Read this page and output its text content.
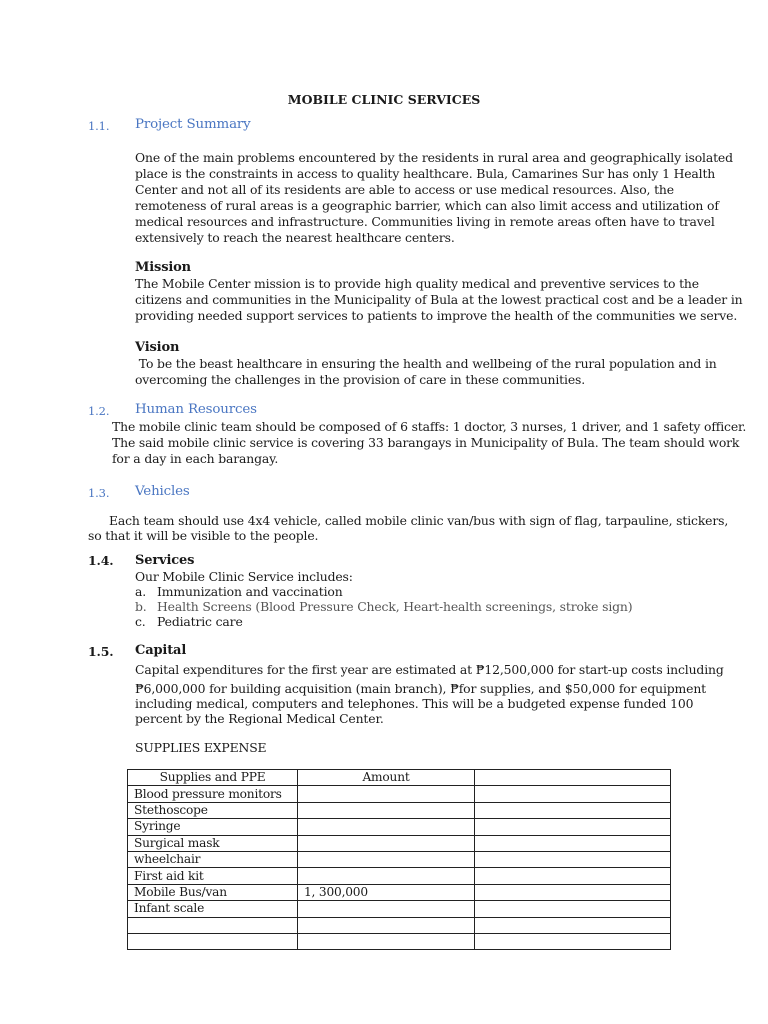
MOBILE CLINIC SERVICES
1.1. Project Summary
One of the main problems encountered by the residents in rural area and geographically isolated
place is the constraints in access to quality healthcare. Bula, Camarines Sur has only 1 Health
Center and not all of its residents are able to access or use medical resources. Also, the
remoteness of rural areas is a geographic barrier, which can also limit access and utilization of
medical resources and infrastructure. Communities living in remote areas often have to travel
extensively to reach the nearest healthcare centers.
Mission
The Mobile Center mission is to provide high quality medical and preventive services to the
citizens and communities in the Municipality of Bula at the lowest practical cost and be a leader in
providing needed support services to patients to improve the health of the communities we serve.
Vision
To be the beast healthcare in ensuring the health and wellbeing of the rural population and in
overcoming the challenges in the provision of care in these communities.
1.2. Human Resources
The mobile clinic team should be composed of 6 staffs: 1 doctor, 3 nurses, 1 driver, and 1 safety officer.
The said mobile clinic service is covering 33 barangays in Municipality of Bula. The team should work
for a day in each barangay.
1.3. Vehicles
Each team should use 4x4 vehicle, called mobile clinic van/bus with sign of flag, tarpauline, stickers,
so that it will be visible to the people.
1.4. Services
Our Mobile Clinic Service includes:
a. Immunization and vaccination
b. Health Screens (Blood Pressure Check, Heart-health screenings, stroke sign)
c. Pediatric care
1.5. Capital
Capital expenditures for the first year are estimated at ₱12,500,000 for start-up costs including
₱6,000,000 for building acquisition (main branch), ₱for supplies, and $50,000 for equipment
including medical, computers and telephones. This will be a budgeted expense funded 100
percent by the Regional Medical Center.
SUPPLIES EXPENSE
Supplies and PPE	Amount	
Blood pressure monitors		
Stethoscope		
Syringe		
Surgical mask		
wheelchair		
First aid kit		
Mobile Bus/van	1, 300,000	
Infant scale		
